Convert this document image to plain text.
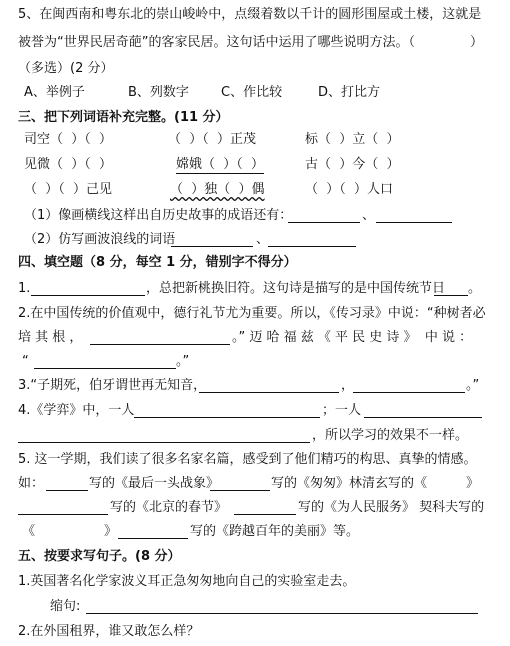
5、在闽西南和粤东北的崇山峻岭中，点缀着数以千计的圆形围屋或土楼，这就是
被誉为“世界民居奇葩”的客家民居。这句话中运用了哪些说明方法。（	）
（多选）(2 分）
A、举例子	B、列数字 C、作比较	D、打比方
三、把下列词语补充完整。(11 分）
司空（  ）（  ）	（  ）（  ）正茂	标（  ）立（  ）
见微（  ）（  ）	嫦娥（  ）（  ）	古（  ）今（  ）
（  ）（  ）己见	（  ）独（  ）偶	（  ）（  ）人口
（1）像画横线这样出自历史故事的成语还有：	、
（2）仿写画波浪线的词语	、
四、填空题（8 分，每空 1 分，错别字不得分）
1.	，总把新桃换旧符。这句诗是描写的是中国传统节日 。
2.在中国传统的价值观中，德行礼节尤为重要。所以，《传习录》中说：“种树者必
培 其 根 ，	。” 迈 哈 福 兹 《 平 民 史 诗 》  中 说 ：
“	。”
3.“子期死，伯牙谓世再无知音，	，	。”
4.《学弈》中，一人	；一人
，所以学习的效果不一样。
5. 这一学期，我们读了很多名家名篇，感受到了他们精巧的构思、真挚的情感。
如：	写的《最后一头战象》	写的《匆匆》林清玄写的《	》
写的《北京的春节》	写的《为人民服务》 契科夫写的
《	》	写的《跨越百年的美丽》等。
五、按要求写句子。(8 分）
1.英国著名化学家波义耳正急匆匆地向自己的实验室走去。
缩句:
2.在外国租界，谁又敢怎么样？
